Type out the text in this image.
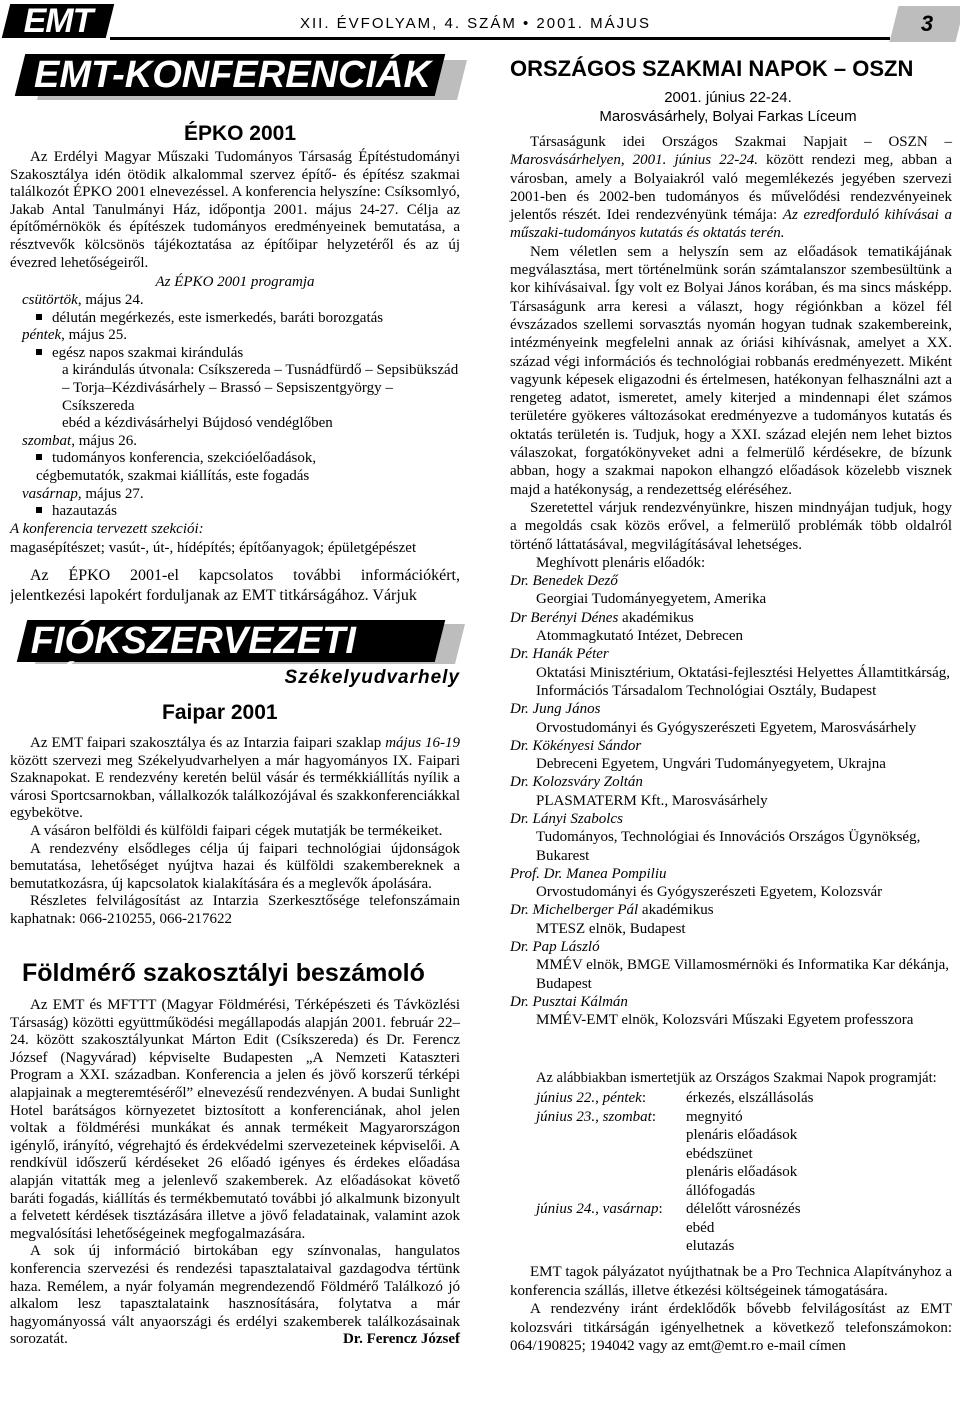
EMT	XII. ÉVFOLYAM, 4. SZÁM • 2001. MÁJUS	3
EMT-KONFERENCIÁK
ÉPKO 2001
Az Erdélyi Magyar Műszaki Tudományos Társaság Építéstudományi Szakosztálya idén ötödik alkalommal szervez építő- és építész szakmai találkozót ÉPKO 2001 elnevezéssel. A konferencia helyszíne: Csíksomlyó, Jakab Antal Tanulmányi Ház, időpontja 2001. május 24-27. Célja az építőmérnökök és építészek tudományos eredményeinek bemutatása, a résztvevők kölcsönös tájékoztatása az építőipar helyzetéről és az új évezred lehetőségeiről.
Az ÉPKO 2001 programja

csütörtök, május 24.

délután megérkezés, este ismerkedés, baráti borozgatás

péntek, május 25.

egész napos szakmai kirándulás

a kirándulás útvonala: Csíkszereda – Tusnádfürdő – Sepsibükszád – Torja–Kézdivásárhely – Brassó – Sepsiszentgyörgy – Csíkszereda

ebéd a kézdivásárhelyi Bújdosó vendéglőben

szombat, május 26.

tudományos konferencia, szekcióelőadások, cégbemutatók, szakmai kiállítás, este fogadás

vasárnap, május 27.

hazautazás

A konferencia tervezett szekciói:
magasépítészet; vasút-, út-, hídépítés; építőanyagok; épületgépészet
Az ÉPKO 2001-el kapcsolatos további információkért, jelentkezési lapokért forduljanak az EMT titkárságához. Várjuk
FIÓKSZERVEZETI HÍREK	Székelyudvarhely
Faipar 2001

Az EMT faipari szakosztálya és az Intarzia faipari szaklap május 16-19 között szervezi meg Székelyudvarhelyen a már hagyományos IX. Faipari Szaknapokat. E rendezvény keretén belül vásár és termékkiállítás nyílik a városi Sportcsarnokban, vállalkozók találkozójával és szakkonferenciákkal egybekötve.

A vásáron belföldi és külföldi faipari cégek mutatják be termékeiket.

A rendezvény elsődleges célja új faipari technológiai újdonságok bemutatása, lehetőséget nyújtva hazai és külföldi szakembereknek a bemutatkozásra, új kapcsolatok kialakítására és a meglevők ápolására.

Részletes felvilágosítást az Intarzia Szerkesztősége telefonszámain kaphatnak: 066-210255, 066-217622

Földmérő szakosztályi beszámoló

Az EMT és MFTTT (Magyar Földmérési, Térképészeti és Távközlési Társaság) közötti együttműködési megállapodás alapján 2001. február 22–24. között szakosztályunkat Márton Edit (Csíkszereda) és Dr. Ferencz József (Nagyvárad) képviselte Budapesten „A Nemzeti Kataszteri Program a XXI. században. Konferencia a jelen és jövő korszerű térképi alapjainak a megteremtéséről” elnevezésű rendezvényen. A budai Sunlight Hotel barátságos környezetet biztosított a konferenciának, ahol jelen voltak a földmérési munkákat és annak termékeit Magyarországon igénylő, irányító, végrehajtó és érdekvédelmi szervezeteinek képviselői. A rendkívül időszerű kérdéseket 26 előadó igényes és érdekes előadása alapján vitatták meg a jelenlevő szakemberek. Az előadásokat követő baráti fogadás, kiállítás és termékbemutató további jó alkalmunk bizonyult a felvetett kérdések tisztázására illetve a jövő feladatainak, valamint azok megvalósítási lehetőségeinek megfogalmazására.

A sok új információ birtokában egy színvonalas, hangulatos konferencia szervezési és rendezési tapasztalataival gazdagodva tértünk haza. Remélem, a nyár folyamán megrendezendő Földmérő Találkozó jó alkalom lesz tapasztalataink hasznosítására, folytatva a már hagyományossá vált anyaországi és erdélyi szakemberek találkozásainak sorozatát.	Dr. Ferencz József

ORSZÁGOS SZAKMAI NAPOK – OSZN
2001. június 22-24.
Marosvásárhely, Bolyai Farkas Líceum

Társaságunk idei Országos Szakmai Napjait – OSZN – Marosvásárhelyen, 2001. június 22-24. között rendezi meg, abban a városban, amely a Bolyaiakról való megemlékezés jegyében szervezi 2001-ben és 2002-ben tudományos és művelődési rendezvényeinek jelentős részét. Idei rendezvényünk témája: Az ezredforduló kihívásai a műszaki-tudományos kutatás és oktatás terén.

Nem véletlen sem a helyszín sem az előadások tematikájának megválasztása, mert történelmünk során számtalanszor szembesültünk a kor kihívásaival. Így volt ez Bolyai János korában, és ma sincs másképp. Társaságunk arra keresi a választ, hogy régiónkban a közel fél évszázados szellemi sorvasztás nyomán hogyan tudnak szakembereink, intézményeink megfelelni annak az óriási kihívásnak, amelyet a XX. század végi információs és technológiai robbanás eredményezett. Miként vagyunk képesek eligazodni és értelmesen, hatékonyan felhasználni azt a rengeteg adatot, ismeretet, amely kiterjed a mindennapi élet számos területére gyökeres változásokat eredményezve a tudományos kutatás és oktatás területén is. Tudjuk, hogy a XXI. század elején nem lehet biztos válaszokat, forgatókönyveket adni a felmerülő kérdésekre, de bízunk abban, hogy a szakmai napokon elhangzó előadások közelebb visznek majd a hatékonyság, a rendezettség eléréséhez.

Szeretettel várjuk rendezvényünkre, hiszen mindnyájan tudjuk, hogy a megoldás csak közös erővel, a felmerülő problémák több oldalról történő láttatásával, megvilágításával lehetséges.

Meghívott plenáris előadók:

Dr. Benedek Dező

Georgiai Tudományegyetem, Amerika

Dr Berényi Dénes akadémikus

Atommagkutató Intézet, Debrecen

Dr. Hanák Péter

Oktatási Minisztérium, Oktatási-fejlesztési Helyettes Államtitkárság, Információs Társadalom Technológiai Osztály, Budapest

Dr. Jung János

Orvostudományi és Gyógyszerészeti Egyetem, Marosvásárhely

Dr. Kökényesi Sándor

Debreceni Egyetem, Ungvári Tudományegyetem, Ukrajna

Dr. Kolozsváry Zoltán

PLASMATERM Kft., Marosvásárhely

Dr. Lányi Szabolcs

Tudományos, Technológiai és Innovációs Országos Ügynökség, Bukarest

Prof. Dr. Manea Pompiliu

Orvostudományi és Gyógyszerészeti Egyetem, Kolozsvár

Dr. Michelberger Pál akadémikus

MTESZ elnök, Budapest

Dr. Pap László

MMÉV elnök, BMGE Villamosmérnöki és Informatika Kar dékánja, Budapest

Dr. Pusztai Kálmán

MMÉV-EMT elnök, Kolozsvári Műszaki Egyetem professzora

Az alábbiakban ismertetjük az Országos Szakmai Napok programját:
június 22., péntek:	érkezés, elszállásolás
június 23., szombat:	megnyitó
	plenáris előadások
	ebédszünet
	plenáris előadások
	állófogadás
június 24., vasárnap:	délelőtt városnézés
	ebéd
	elutazás

EMT tagok pályázatot nyújthatnak be a Pro Technica Alapítványhoz a konferencia szállás, illetve étkezési költségeinek támogatására.

A rendezvény iránt érdeklődők bővebb felvilágosítást az EMT kolozsvári titkárságán igényelhetnek a következő telefonszámokon: 064/190825; 194042 vagy az emt@emt.ro e-mail címen
